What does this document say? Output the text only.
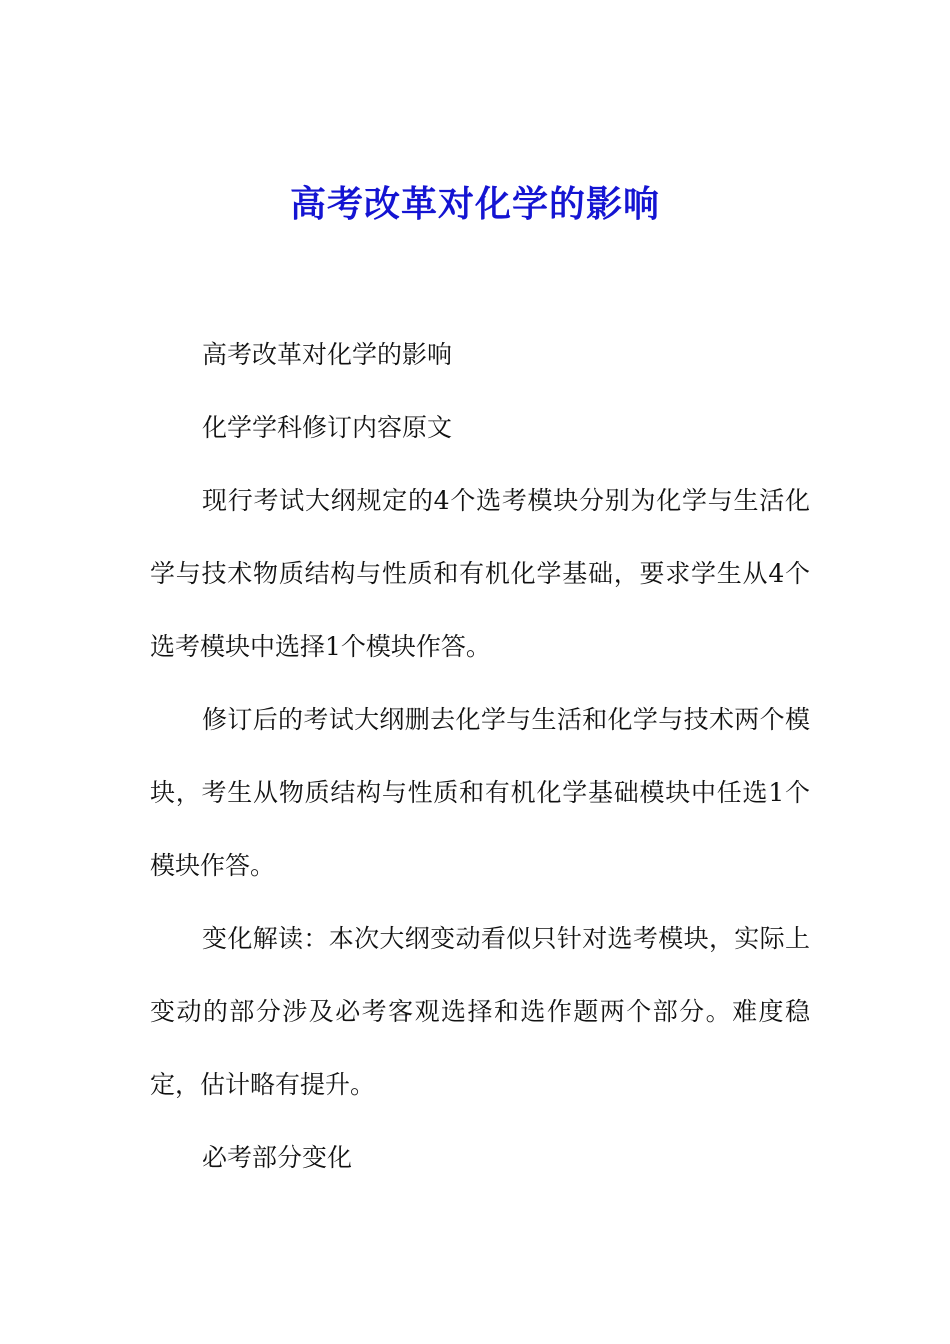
高考改革对化学的影响

高考改革对化学的影响

化学学科修订内容原文

现行考试大纲规定的4个选考模块分别为化学与生活化学与技术物质结构与性质和有机化学基础，要求学生从4个选考模块中选择1个模块作答。

修订后的考试大纲删去化学与生活和化学与技术两个模块，考生从物质结构与性质和有机化学基础模块中任选1个模块作答。

变化解读：本次大纲变动看似只针对选考模块，实际上变动的部分涉及必考客观选择和选作题两个部分。难度稳定，估计略有提升。

必考部分变化
